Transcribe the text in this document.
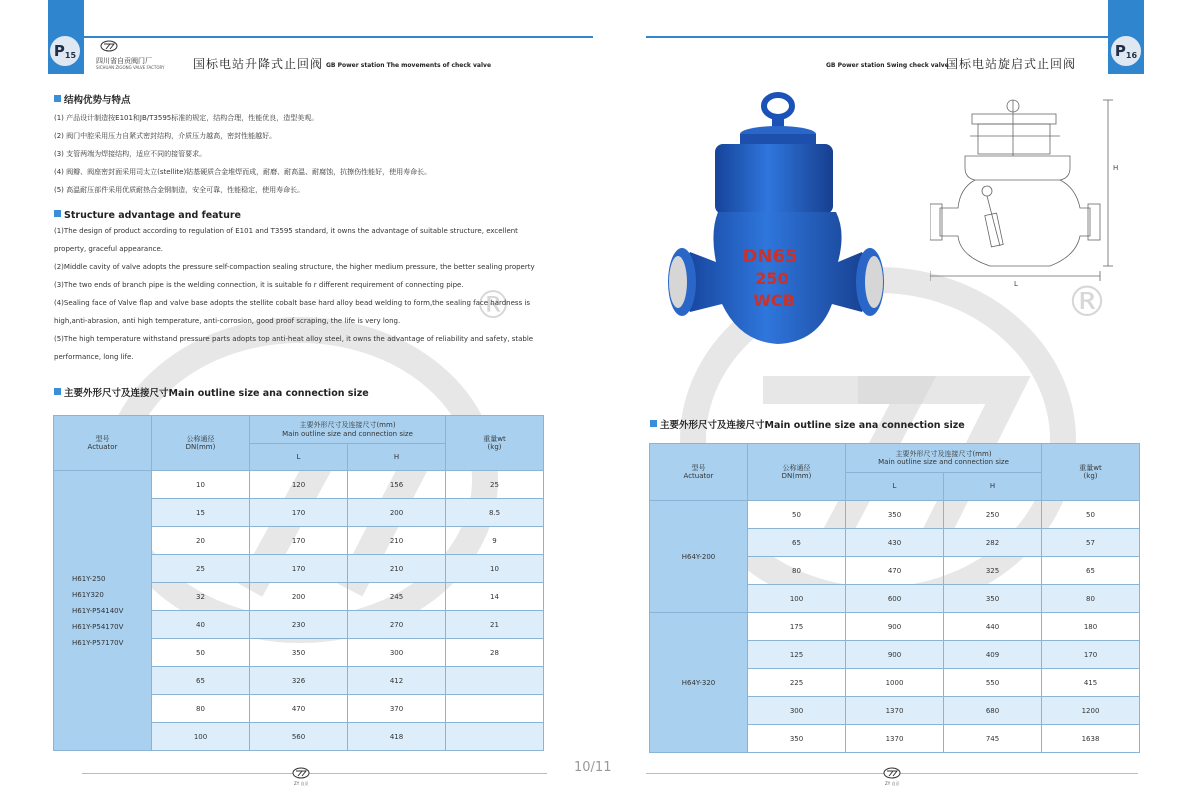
®	®
$P_{15}$
四川省自贡阀门厂
SICHUAN ZIGONG VALVE FACTORY 国标电站升降式止回阀 GB Power station The movements of check valve
$P_{16}$
GB Power station Swing check valve
国标电站旋启式止回阀
结构优势与特点
(1) 产品设计制造按E101和JB/T3595标准的规定，结构合理，性能优良，造型美观。
(2) 阀门中腔采用压力自紧式密封结构，介质压力越高，密封性能越好。
(3) 支管两端为焊接结构，适应不同的接管要求。
(4) 阀瓣、阀座密封面采用司太立(stellite)钴基硬质合金堆焊而成，耐磨、耐高温、耐腐蚀，抗擦伤性能好，使用寿命长。
(5) 高温耐压部件采用优质耐热合金钢制造，安全可靠，性能稳定，使用寿命长。
Structure advantage and feature
(1)The design of product according to regulation of E101 and T3595 standard, it owns the advantage of suitable structure, excellent
property, graceful appearance.
(2)Middle cavity of valve adopts the pressure self-compaction sealing structure, the higher medium pressure, the better sealing property
(3)The two ends of branch pipe is the welding connection, it is suitable fo r different requirement of connecting pipe.
(4)Sealing face of Valve flap and valve base adopts the stellite cobalt base hard alloy bead welding to form,the sealing face hardness is
high,anti-abrasion, anti high temperature, anti-corrosion, good proof scraping, the life is very long.
(5)The high temperature withstand pressure parts adopts top anti-heat alloy steel, it owns the advantage of reliability and safety, stable
performance, long life.
主要外形尺寸及连接尺寸Main outline size ana connection size
型号
Actuator	公称通径
DN(mm)	主要外形尺寸及连接尺寸(mm)
Main outline size and connection size		重量wt
(kg)
		L	H	

H61Y-250
H61Y320
H61Y-P54140V
H61Y-P54170V
H61Y-P57170V	10	120	156	25
	15	170	200	8.5
	20	170	210	9
	25	170	210	10
	32	200	245	14
	40	230	270	21
	50	350	300	28
	65	326	412	
	80	470	370	
	100	560	418	
DN65
250
WCB
H
L
主要外形尺寸及连接尺寸Main outline size ana connection size
型号
Actuator	公称通径
DN(mm)	主要外形尺寸及连接尺寸(mm)
Main outline size and connection size		重量wt
(kg)
		L	H	
H64Y-200	50	350	250	50
	65	430	282	57
	80	470	325	65
	100	600	350	80
H64Y-320	175	900	440	180
	125	900	409	170
	225	1000	550	415
	300	1370	680	1200
	350	1370	745	1638
ZY 自贡	ZY 自贡
10/11
